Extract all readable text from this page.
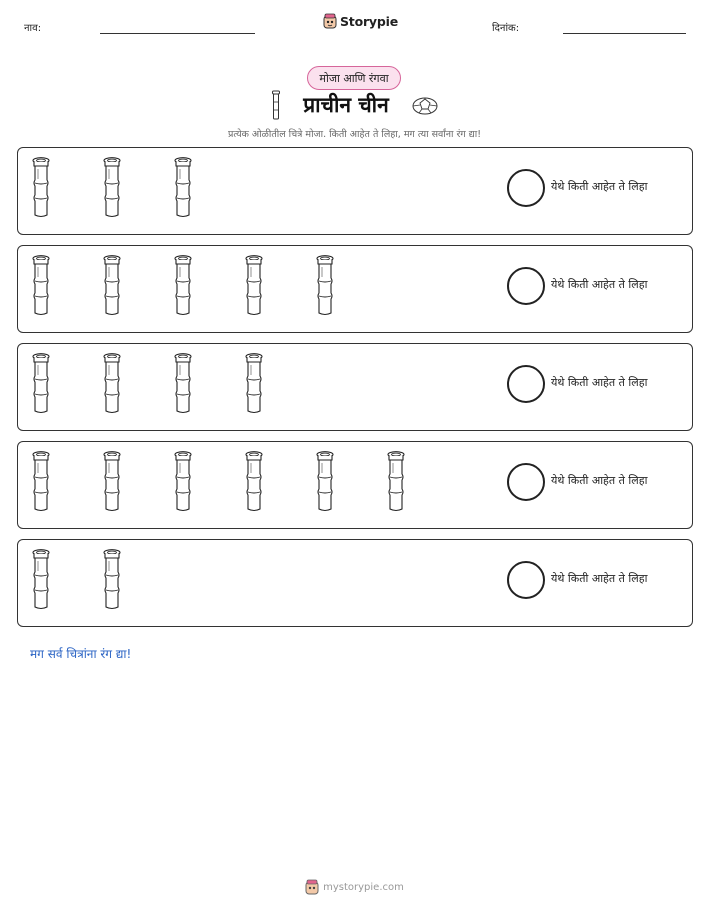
नाव:	Storypie	दिनांक:
मोजा आणि रंगवा
प्राचीन चीन
प्रत्येक ओळीतील चित्रे मोजा. किती आहेत ते लिहा, मग त्या सर्वांना रंग द्या!
येथे किती आहेत ते लिहा
येथे किती आहेत ते लिहा
येथे किती आहेत ते लिहा
येथे किती आहेत ते लिहा
येथे किती आहेत ते लिहा
मग सर्व चित्रांना रंग द्या!
mystorypie.com
